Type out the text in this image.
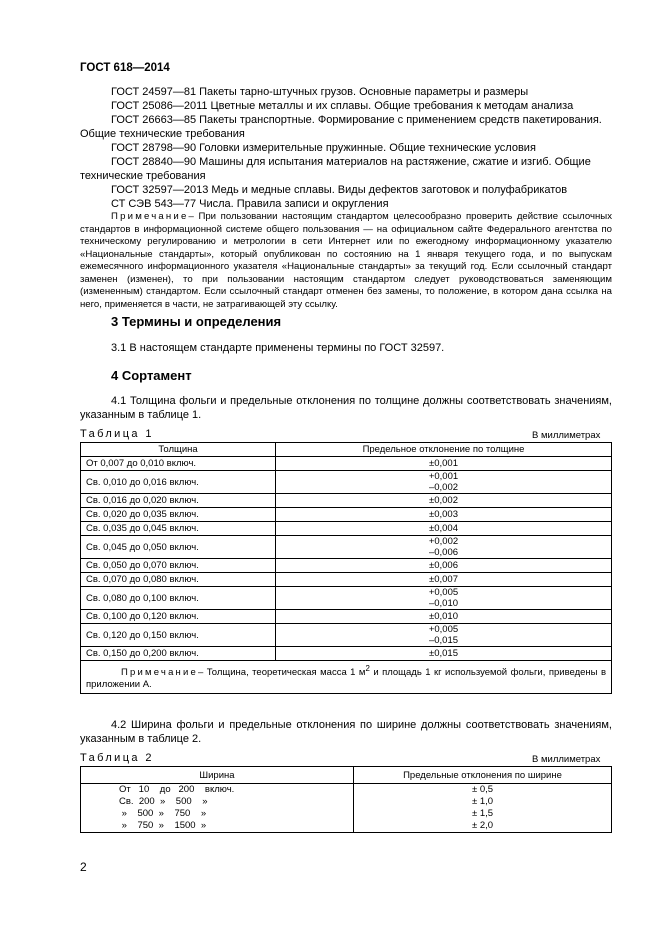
ГОСТ 618—2014

ГОСТ 24597—81 Пакеты тарно-штучных грузов. Основные параметры и размеры

ГОСТ 25086—2011 Цветные металлы и их сплавы. Общие требования к методам анализа

ГОСТ 26663—85 Пакеты транспортные. Формирование с применением средств пакетирования. Общие технические требования

ГОСТ 28798—90 Головки измерительные пружинные. Общие технические условия

ГОСТ 28840—90 Машины для испытания материалов на растяжение, сжатие и изгиб. Общие технические требования

ГОСТ 32597—2013 Медь и медные сплавы. Виды дефектов заготовок и полуфабрикатов

СТ СЭВ 543—77 Числа. Правила записи и округления

Примечание– При пользовании настоящим стандартом целесообразно проверить действие ссылочных стандартов в информационной системе общего пользования — на официальном сайте Федерального агентства по техническому регулированию и метрологии в сети Интернет или по ежегодному информационному указателю «Национальные стандарты», который опубликован по состоянию на 1 января текущего года, и по выпускам ежемесячного информационного указателя «Национальные стандарты» за текущий год. Если ссылочный стандарт заменен (изменен), то при пользовании настоящим стандартом следует руководствоваться заменяющим (измененным) стандартом. Если ссылочный стандарт отменен без замены, то положение, в котором дана ссылка на него, применяется в части, не затрагивающей эту ссылку.

3 Термины и определения
3.1 В настоящем стандарте применены термины по ГОСТ 32597.
4 Сортамент

4.1 Толщина фольги и предельные отклонения по толщине должны соответствовать значениям, указанным в таблице 1.

Таблица 1	В миллиметрах
Толщина	Предельное отклонение по толщине
От 0,007 до 0,010 включ.	±0,001
Св. 0,010 до 0,016 включ.	+0,001
–0,002
Св. 0,016 до 0,020 включ.	±0,002
Св. 0,020 до 0,035 включ.	±0,003
Св. 0,035 до 0,045 включ.	±0,004
Св. 0,045 до 0,050 включ.	+0,002
–0,006
Св. 0,050 до 0,070 включ.	±0,006
Св. 0,070 до 0,080 включ.	±0,007
Св. 0,080 до 0,100 включ.	+0,005
–0,010
Св. 0,100 до 0,120 включ.	±0,010
Св. 0,120 до 0,150 включ.	+0,005
–0,015
Св. 0,150 до 0,200 включ.	±0,015
Примечание– Толщина, теоретическая масса 1 $м^2$ и площадь 1 кг используемой фольги, приведены в приложении А.	

4.2 Ширина фольги и предельные отклонения по ширине должны соответствовать значениям, указанным в таблице 2.

Таблица 2	В миллиметрах
Ширина	Предельные отклонения по ширине
От   10    до   200    включ.	± 0,5
Св.  200  »    500    »	± 1,0
»    500  »    750    »	± 1,5
»    750  »    1500  »	± 2,0
2
